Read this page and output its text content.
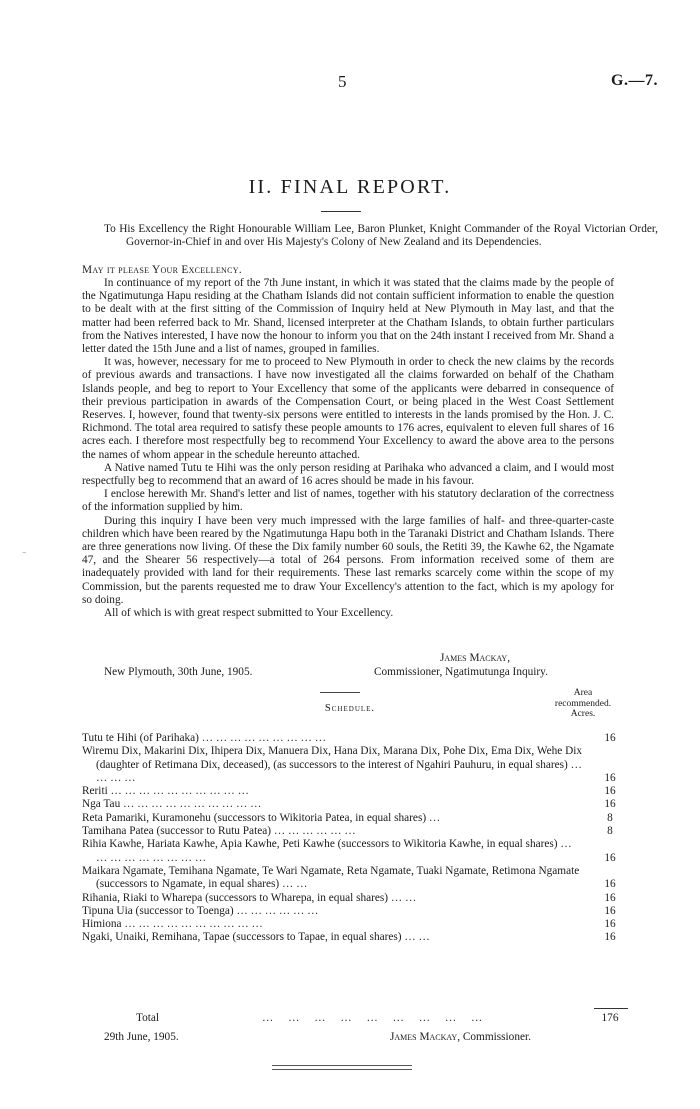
5	G.—7.
II. FINAL REPORT.
To His Excellency the Right Honourable William Lee, Baron Plunket, Knight Commander of the Royal Victorian Order, Governor-in-Chief in and over His Majesty's Colony of New Zealand and its Dependencies.
May it please Your Excellency.

In continuance of my report of the 7th June instant, in which it was stated that the claims made by the people of the Ngatimutunga Hapu residing at the Chatham Islands did not contain sufficient information to enable the question to be dealt with at the first sitting of the Commission of Inquiry held at New Plymouth in May last, and that the matter had been referred back to Mr. Shand, licensed interpreter at the Chatham Islands, to obtain further particulars from the Natives interested, I have now the honour to inform you that on the 24th instant I received from Mr. Shand a letter dated the 15th June and a list of names, grouped in families.

It was, however, necessary for me to proceed to New Plymouth in order to check the new claims by the records of previous awards and transactions. I have now investigated all the claims forwarded on behalf of the Chatham Islands people, and beg to report to Your Excellency that some of the applicants were debarred in consequence of their previous participation in awards of the Compensation Court, or being placed in the West Coast Settlement Reserves. I, however, found that twenty-six persons were entitled to interests in the lands promised by the Hon. J. C. Richmond. The total area required to satisfy these people amounts to 176 acres, equivalent to eleven full shares of 16 acres each. I therefore most respectfully beg to recommend Your Excellency to award the above area to the persons the names of whom appear in the schedule hereunto attached.

A Native named Tutu te Hihi was the only person residing at Parihaka who advanced a claim, and I would most respectfully beg to recommend that an award of 16 acres should be made in his favour.

I enclose herewith Mr. Shand's letter and list of names, together with his statutory declaration of the correctness of the information supplied by him.

During this inquiry I have been very much impressed with the large families of half- and three-quarter-caste children which have been reared by the Ngatimutunga Hapu both in the Taranaki District and Chatham Islands. There are three generations now living. Of these the Dix family number 60 souls, the Retiti 39, the Kawhe 62, the Ngamate 47, and the Shearer 56 respectively—a total of 264 persons. From information received some of them are inadequately provided with land for their requirements. These last remarks scarcely come within the scope of my Commission, but the parents requested me to draw Your Excellency's attention to the fact, which is my apology for so doing.

All of which is with great respect submitted to Your Excellency.

James Mackay,
New Plymouth, 30th June, 1905.	Commissioner, Ngatimutunga Inquiry.
Area
recommended.
Acres.
Schedule.
Tutu te Hihi (of Parihaka) … … … … … … … … …	16
Wiremu Dix, Makarini Dix, Ihipera Dix, Manuera Dix, Hana Dix, Marana Dix, Pohe Dix, Ema Dix, Wehe Dix (daughter of Retimana Dix, deceased), (as successors to the interest of Ngahiri Pauhuru, in equal shares) … … … …	16
Reriti … … … … … … … … … …	16
Nga Tau … … … … … … … … … …	16
Reta Pamariki, Kuramonehu (successors to Wikitoria Patea, in equal shares) …	8
Tamihana Patea (successor to Rutu Patea) … … … … … …	8
Rihia Kawhe, Hariata Kawhe, Apia Kawhe, Peti Kawhe (successors to Wikitoria Kawhe, in equal shares) … … … … … … … … …	16
Maikara Ngamate, Temihana Ngamate, Te Wari Ngamate, Reta Ngamate, Tuaki Ngamate, Retimona Ngamate (successors to Ngamate, in equal shares) … …	16
Rihania, Riaki to Wharepa (successors to Wharepa, in equal shares) … …	16
Tipuna Uia (successor to Toenga) … … … … … …	16
Himiona … … … … … … … … … …	16
Ngaki, Unaiki, Remihana, Tapae (successors to Tapae, in equal shares) … …	16
Total	… … … … … … … … …	176
29th June, 1905.	James Mackay, Commissioner.
⁻
